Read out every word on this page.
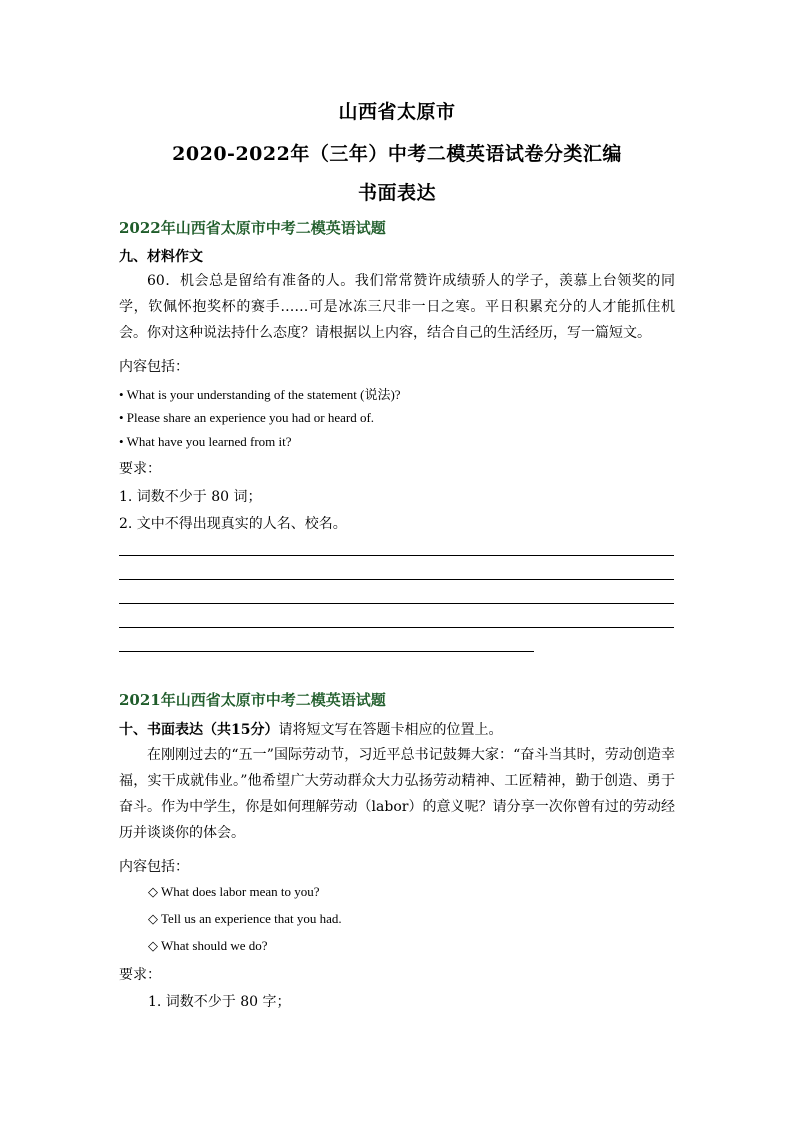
山西省太原市
2020-2022年（三年）中考二模英语试卷分类汇编
书面表达
2022年山西省太原市中考二模英语试题
九、材料作文
60．机会总是留给有准备的人。我们常常赞许成绩骄人的学子，羡慕上台领奖的同学，钦佩怀抱奖杯的赛手……可是冰冻三尺非一日之寒。平日积累充分的人才能抓住机会。你对这种说法持什么态度？请根据以上内容，结合自己的生活经历，写一篇短文。
内容包括：
• What is your understanding of the statement (说法)?
• Please share an experience you had or heard of.
• What have you learned from it?
要求：
1. 词数不少于 80 词；
2. 文中不得出现真实的人名、校名。
2021年山西省太原市中考二模英语试题
十、书面表达（共15分）请将短文写在答题卡相应的位置上。
在刚刚过去的“五一”国际劳动节，习近平总书记鼓舞大家：“奋斗当其时，劳动创造幸福，实干成就伟业。”他希望广大劳动群众大力弘扬劳动精神、工匠精神，勤于创造、勇于奋斗。作为中学生，你是如何理解劳动（labor）的意义呢？请分享一次你曾有过的劳动经历并谈谈你的体会。
内容包括：
◇ What does labor mean to you?
◇ Tell us an experience that you had.
◇ What should we do?
要求：
1. 词数不少于 80 字；
